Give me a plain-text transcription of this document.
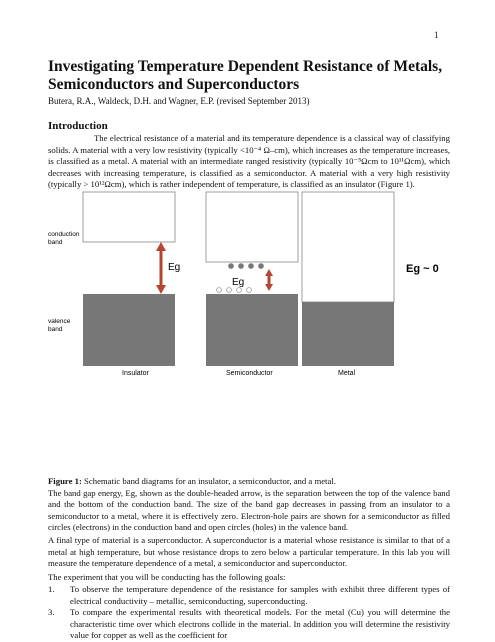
1
Investigating Temperature Dependent Resistance of Metals, Semiconductors and Superconductors
Butera, R.A., Waldeck, D.H. and Wagner, E.P. (revised September 2013)
Introduction
The electrical resistance of a material and its temperature dependence is a classical way of classifying solids. A material with a very low resistivity (typically <10⁻⁴ Ω–cm), which increases as the temperature increases, is classified as a metal. A material with an intermediate ranged resistivity (typically 10⁻⁵Ωcm to 10¹¹Ωcm), which decreases with increasing temperature, is classified as a semiconductor. A material with a very high resistivity (typically > 10¹²Ωcm), which is rather independent of temperature, is classified as an insulator (Figure 1).
Eg
conduction
band
valence
band
Insulator
Eg
Semiconductor
Eg ~ 0
Metal
Figure 1: Schematic band diagrams for an insulator, a semiconductor, and a metal.
The band gap energy, Eg, shown as the double-headed arrow, is the separation between the top of the valence band and the bottom of the conduction band. The size of the band gap decreases in passing from an insulator to a semiconductor to a metal, where it is effectively zero. Electron-hole pairs are shown for a semiconductor as filled circles (electrons) in the conduction band and open circles (holes) in the valence band.
A final type of material is a superconductor. A superconductor is a material whose resistance is similar to that of a metal at high temperature, but whose resistance drops to zero below a particular temperature. In this lab you will measure the temperature dependence of a metal, a semiconductor and superconductor.
The experiment that you will be conducting has the following goals:
1. To observe the temperature dependence of the resistance for samples with exhibit three different types of electrical conductivity – metallic, semiconducting, superconducting.
3. To compare the experimental results with theoretical models. For the metal (Cu) you will determine the characteristic time over which electrons collide in the material. In addition you will determine the resistivity value for copper as well as the coefficient for
